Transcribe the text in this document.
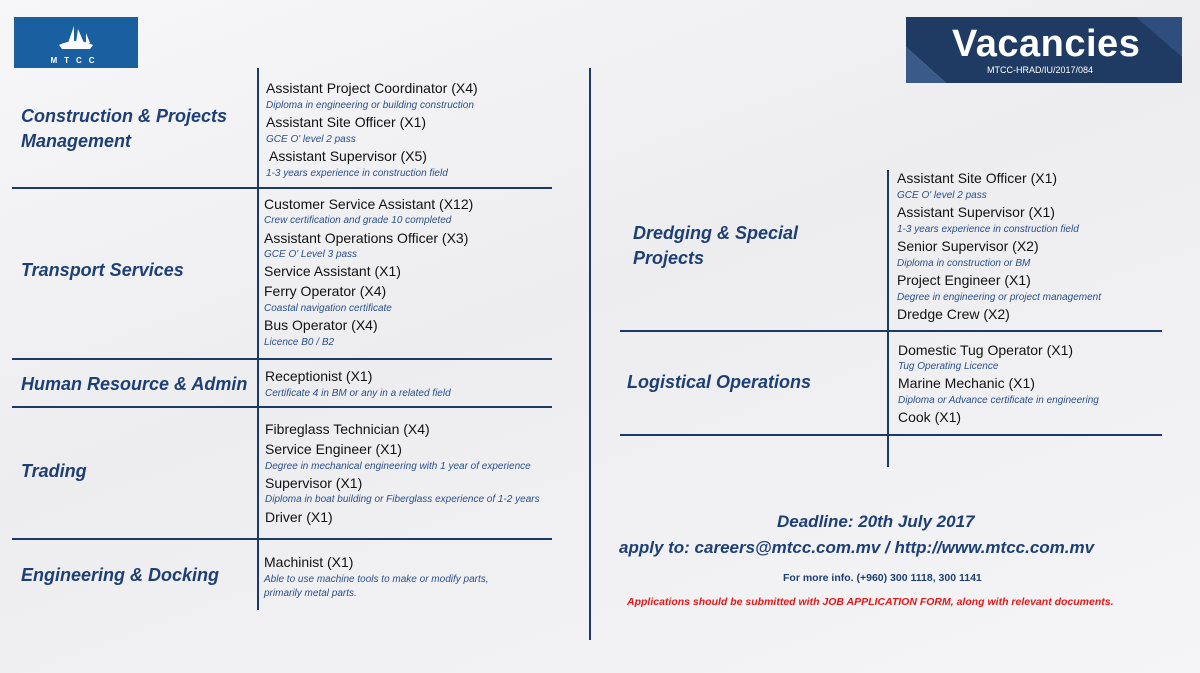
MTCC	Vacancies
MTCC-HRAD/IU/2017/084
Construction & Projects Management
Assistant Project Coordinator (X4)
Diploma in engineering or building construction
Assistant Site Officer (X1)
GCE O' level 2 pass
Assistant Supervisor (X5)
1-3 years experience in construction field
Transport Services
Customer Service Assistant (X12)
Crew certification and grade 10 completed
Assistant Operations Officer (X3)
GCE O' Level 3 pass
Service Assistant (X1)
Ferry Operator (X4)
Coastal navigation certificate
Bus Operator (X4)
Licence B0 / B2
Human Resource & Admin Receptionist (X1)
Certificate 4 in BM or any in a related field
Trading
Fibreglass Technician (X4)
Service Engineer (X1)
Degree in mechanical engineering with 1 year of experience
Supervisor (X1)
Diploma in boat building or Fiberglass experience of 1-2 years
Driver (X1)
Engineering & Docking
Machinist (X1)
Able to use machine tools to make or modify parts,
primarily metal parts.
Dredging & Special
Projects
Assistant Site Officer (X1)
GCE O' level 2 pass
Assistant Supervisor (X1)
1-3 years experience in construction field
Senior Supervisor (X2)
Diploma in construction or BM
Project Engineer (X1)
Degree in engineering or project management
Dredge Crew (X2)
Logistical Operations
Domestic Tug Operator (X1)
Tug Operating Licence
Marine Mechanic (X1)
Diploma or Advance certificate in engineering
Cook (X1)
Deadline: 20th July 2017
apply to: careers@mtcc.com.mv / http://www.mtcc.com.mv
For more info. (+960) 300 1118, 300 1141
Applications should be submitted with JOB APPLICATION FORM, along with relevant documents.
